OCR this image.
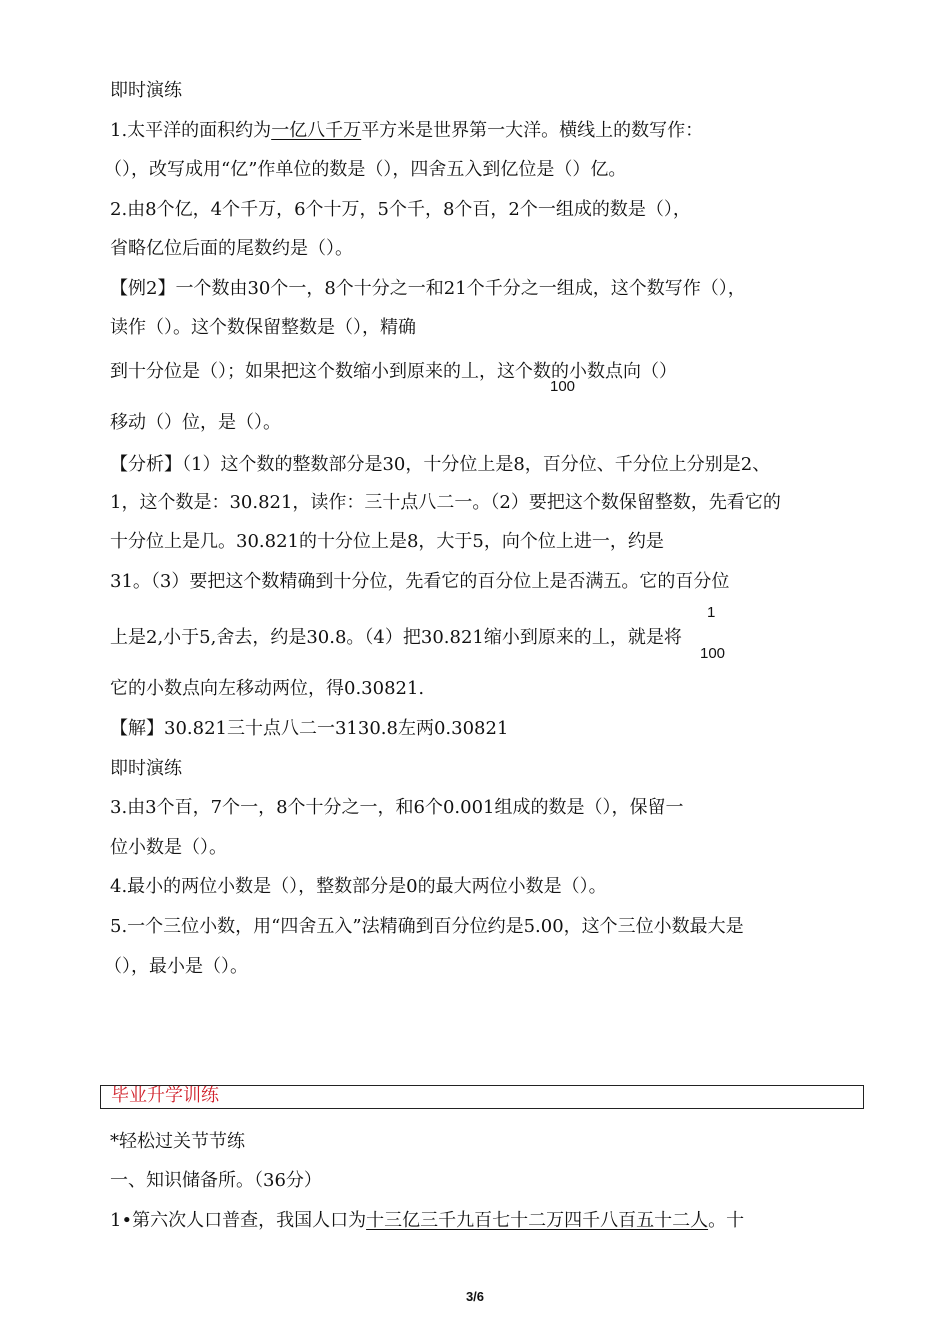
即时演练
1.太平洋的面积约为一亿八千万平方米是世界第一大洋。横线上的数写作：
（），改写成用“亿”作单位的数是（），四舍五入到亿位是（）亿。
2.由8个亿，4个千万，6个十万，5个千，8个百，2个一组成的数是（），
省略亿位后面的尾数约是（）。
【例2】一个数由30个一，8个十分之一和21个千分之一组成，这个数写作（），
读作（）。这个数保留整数是（），精确
到十分位是（）；如果把这个数缩小到原来的丄，这个数的小数点向（）
100
移动（）位，是（）。
【分析】（1）这个数的整数部分是30，十分位上是8，百分位、千分位上分别是2、
1，这个数是：30.821，读作：三十点八二一。（2）要把这个数保留整数，先看它的
十分位上是几。30.821的十分位上是8，大于5，向个位上进一，约是
31。（3）要把这个数精确到十分位，先看它的百分位上是否满五。它的百分位
1
上是2,小于5,舍去，约是30.8。（4）把30.821缩小到原来的丄，就是将
100
它的小数点向左移动两位，得0.30821.
【解】30.821三十点八二一3130.8左两0.30821
即时演练
3.由3个百，7个一，8个十分之一，和6个0.001组成的数是（），保留一
位小数是（）。
4.最小的两位小数是（），整数部分是0的最大两位小数是（）。
5.一个三位小数，用“四舍五入”法精确到百分位约是5.00，这个三位小数最大是
（），最小是（）。
毕业升学训练
*轻松过关节节练
一、知识储备所。（36分）
1•第六次人口普查，我国人口为十三亿三千九百七十二万四千八百五十二人。十
3/6
